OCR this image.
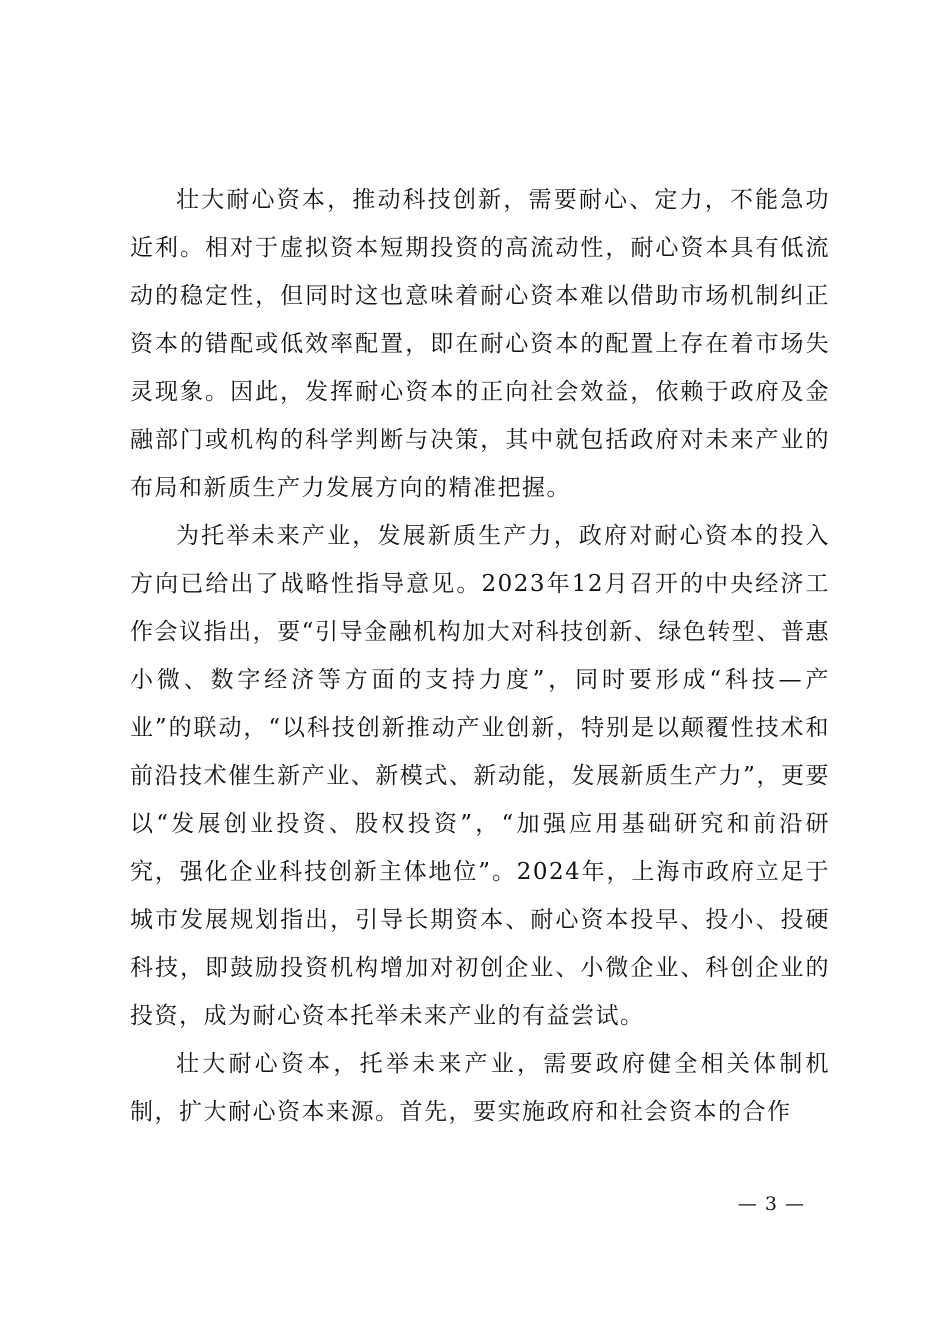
壮大耐心资本，推动科技创新，需要耐心、定力，不能急功近利。相对于虚拟资本短期投资的高流动性，耐心资本具有低流动的稳定性，但同时这也意味着耐心资本难以借助市场机制纠正资本的错配或低效率配置，即在耐心资本的配置上存在着市场失灵现象。因此，发挥耐心资本的正向社会效益，依赖于政府及金融部门或机构的科学判断与决策，其中就包括政府对未来产业的布局和新质生产力发展方向的精准把握。

为托举未来产业，发展新质生产力，政府对耐心资本的投入方向已给出了战略性指导意见。2023年12月召开的中央经济工作会议指出，要“引导金融机构加大对科技创新、绿色转型、普惠小微、数字经济等方面的支持力度”，同时要形成“科技—产业”的联动，“以科技创新推动产业创新，特别是以颠覆性技术和前沿技术催生新产业、新模式、新动能，发展新质生产力”，更要以“发展创业投资、股权投资”，“加强应用基础研究和前沿研究，强化企业科技创新主体地位”。2024年，上海市政府立足于城市发展规划指出，引导长期资本、耐心资本投早、投小、投硬科技，即鼓励投资机构增加对初创企业、小微企业、科创企业的投资，成为耐心资本托举未来产业的有益尝试。

壮大耐心资本，托举未来产业，需要政府健全相关体制机制，扩大耐心资本来源。首先，要实施政府和社会资本的合作

— 3 —
